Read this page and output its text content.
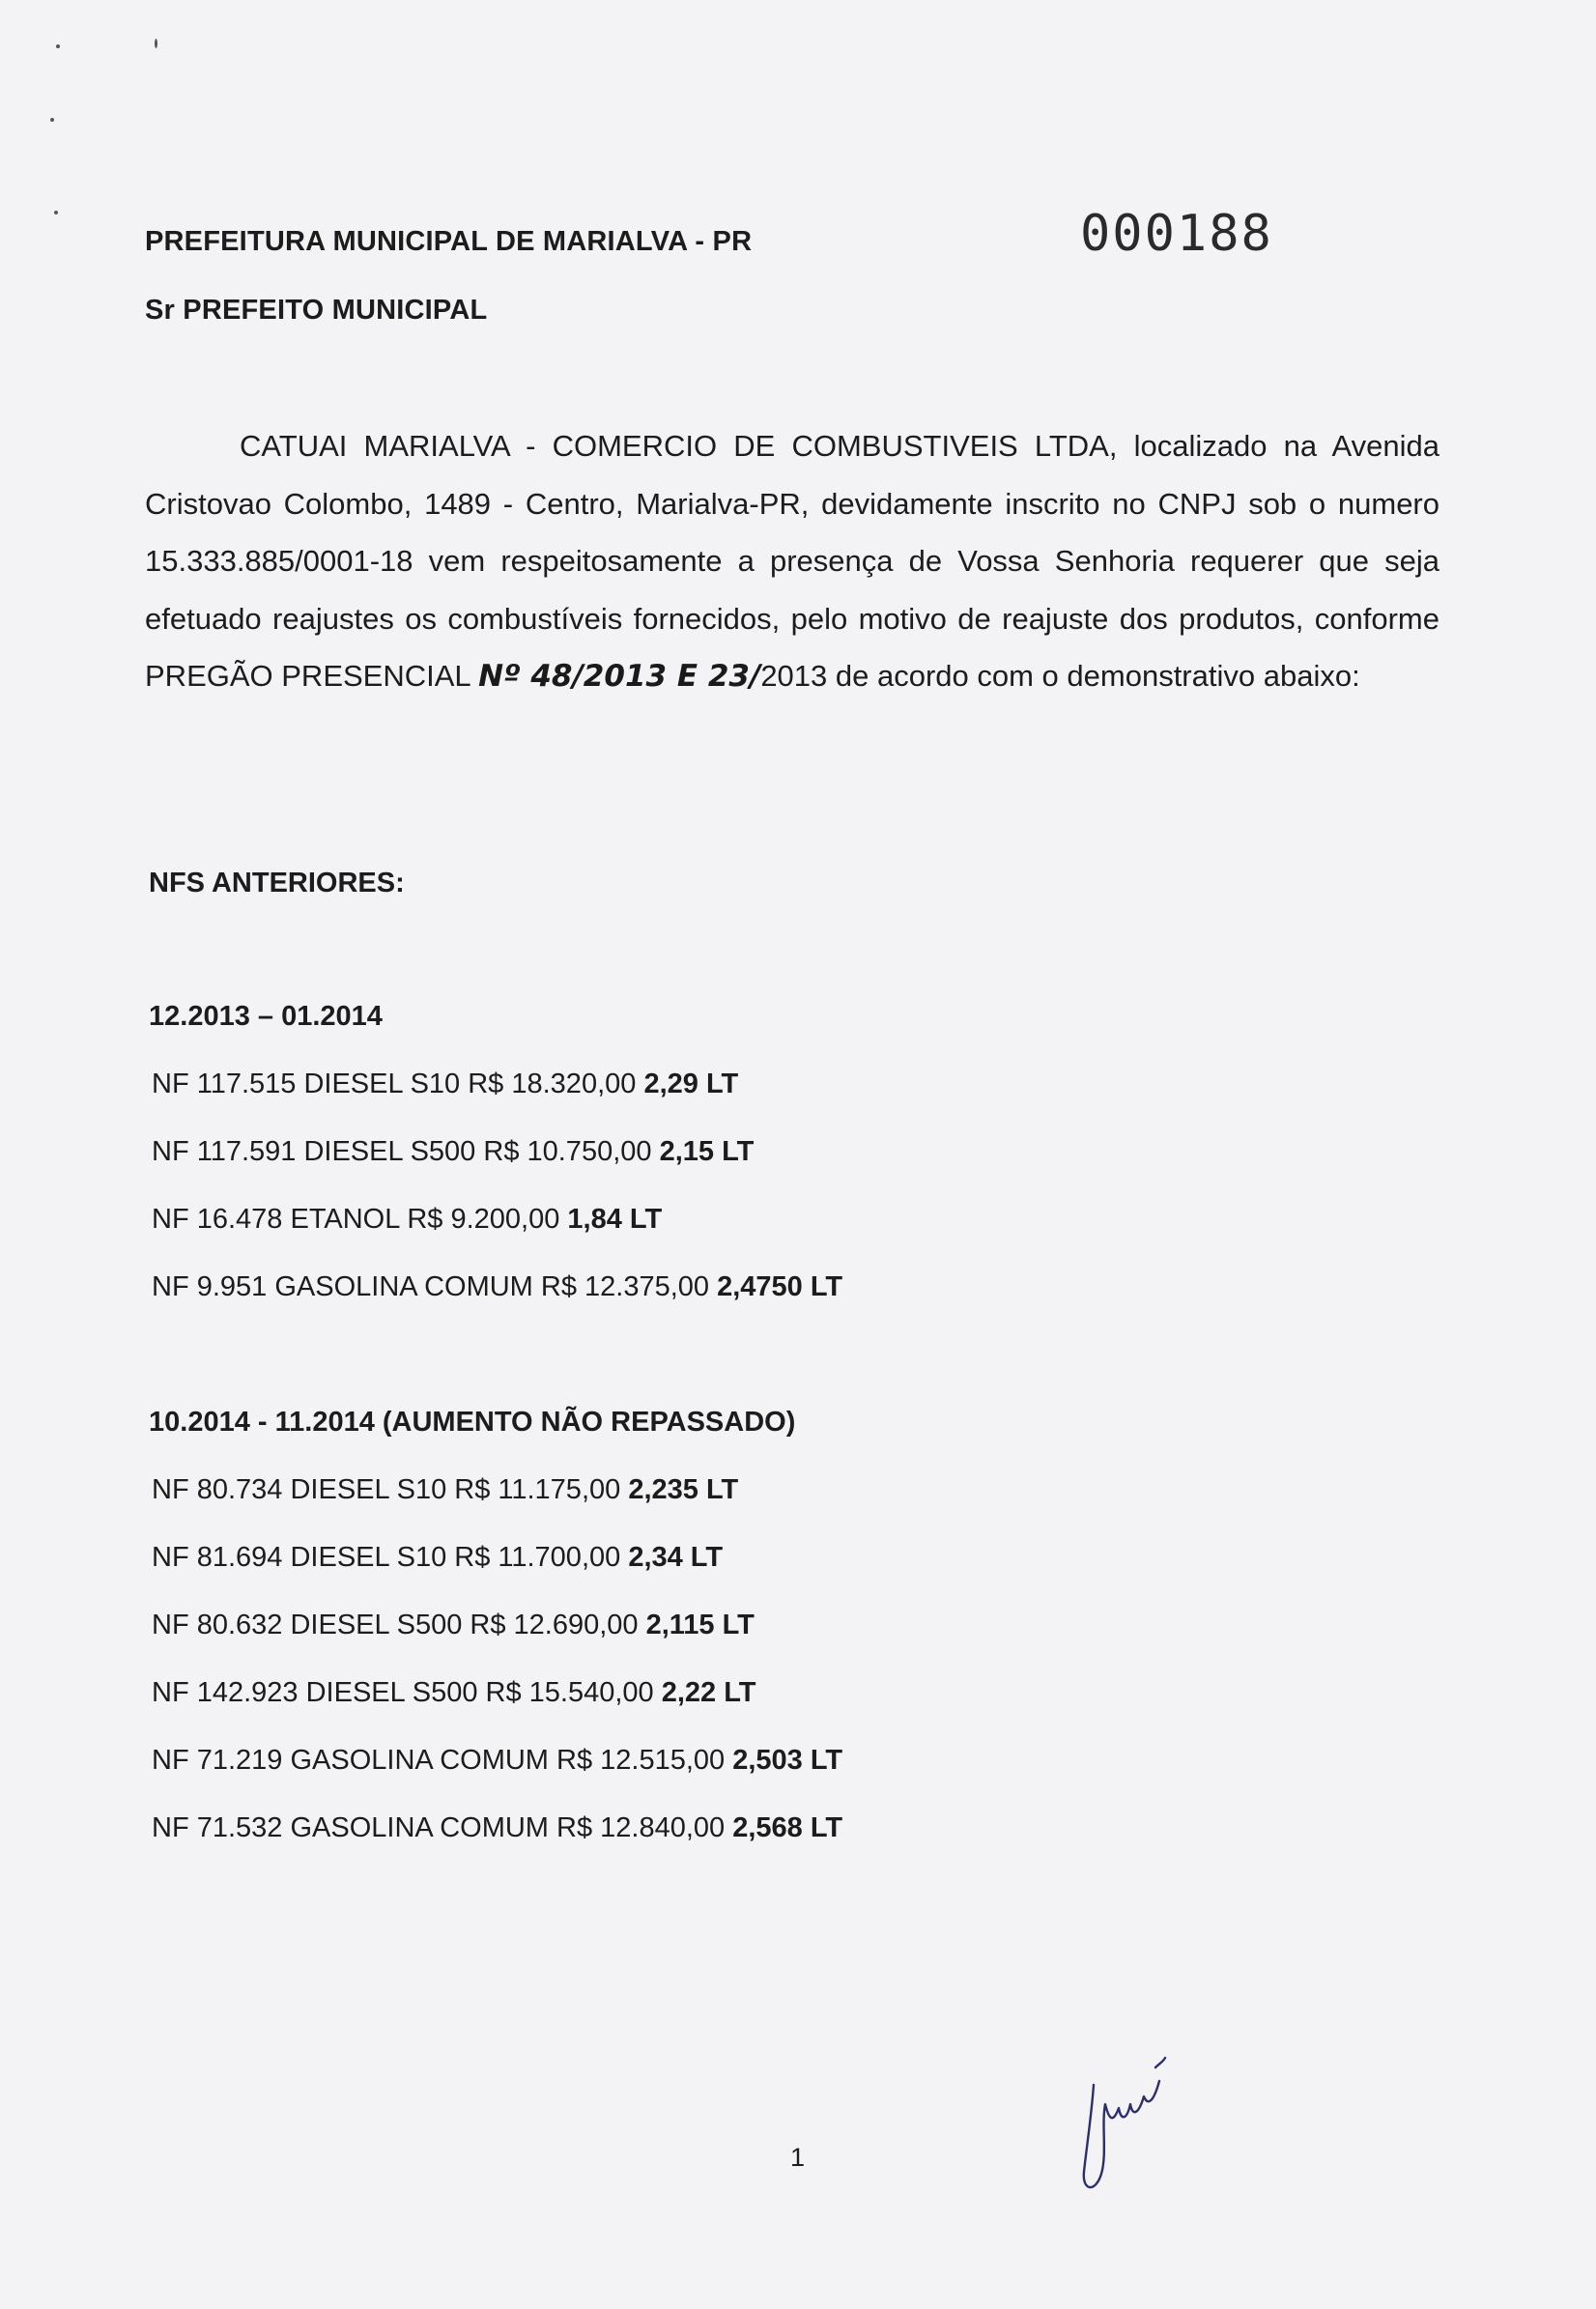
PREFEITURA MUNICIPAL DE MARIALVA - PR	000188
Sr PREFEITO MUNICIPAL
CATUAI MARIALVA - COMERCIO DE COMBUSTIVEIS LTDA, localizado na Avenida Cristovao Colombo, 1489 - Centro, Marialva-PR, devidamente inscrito no CNPJ sob o numero 15.333.885/0001-18 vem respeitosamente a presença de Vossa Senhoria requerer que seja efetuado reajustes os combustíveis fornecidos, pelo motivo de reajuste dos produtos, conforme PREGÃO PRESENCIAL Nº 48/2013 E 23/2013 de acordo com o demonstrativo abaixo:
NFS ANTERIORES:
12.2013 – 01.2014
NF 117.515 DIESEL S10 R$ 18.320,00 2,29 LT
NF 117.591 DIESEL S500 R$ 10.750,00 2,15 LT
NF 16.478 ETANOL R$ 9.200,00 1,84 LT
NF 9.951 GASOLINA COMUM R$ 12.375,00 2,4750 LT
10.2014 - 11.2014 (AUMENTO NÃO REPASSADO)
NF 80.734 DIESEL S10 R$ 11.175,00 2,235 LT
NF 81.694 DIESEL S10 R$ 11.700,00 2,34 LT
NF 80.632 DIESEL S500 R$ 12.690,00 2,115 LT
NF 142.923 DIESEL S500 R$ 15.540,00 2,22 LT
NF 71.219 GASOLINA COMUM R$ 12.515,00 2,503 LT
NF 71.532 GASOLINA COMUM R$ 12.840,00 2,568 LT
1
